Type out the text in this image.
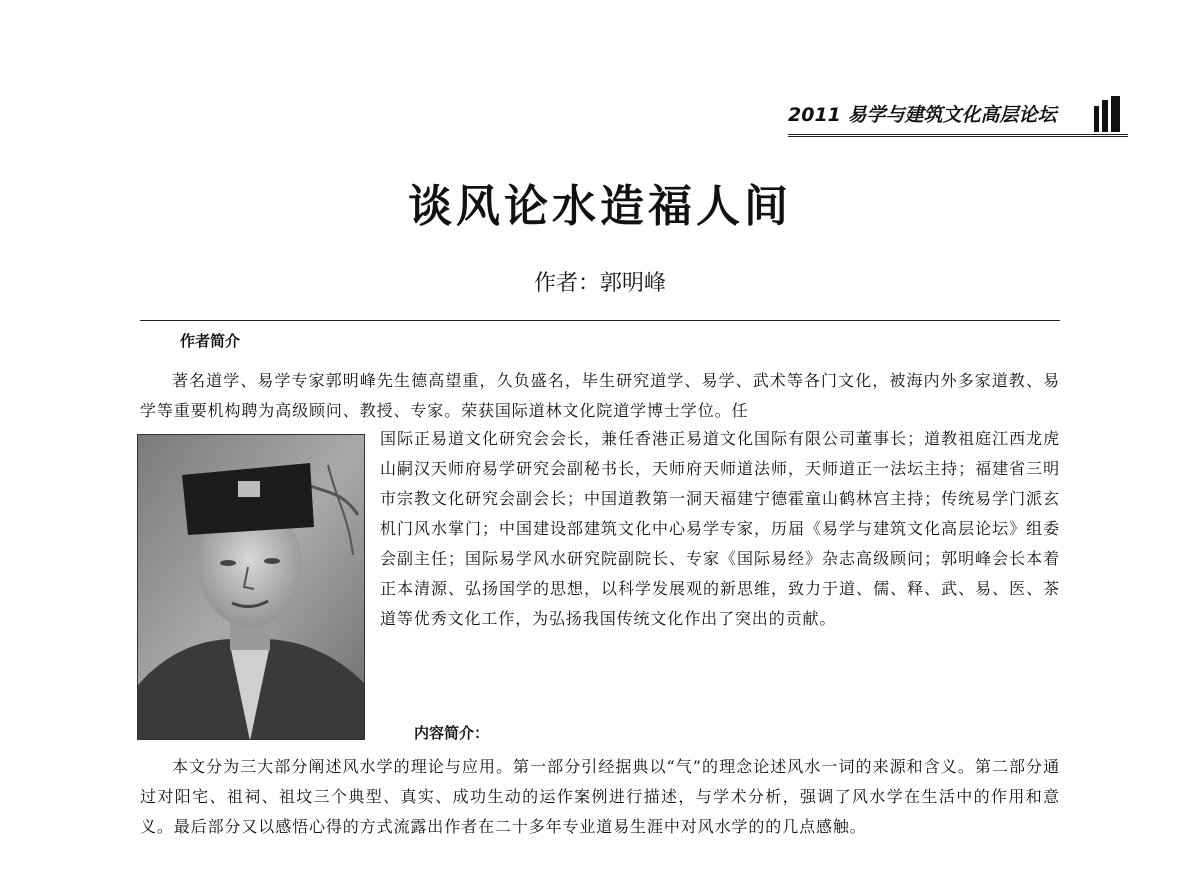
2011 易学与建筑文化高层论坛
谈风论水造福人间
作者：郭明峰
作者简介

著名道学、易学专家郭明峰先生德高望重，久负盛名，毕生研究道学、易学、武术等各门文化，被海内外多家道教、易学等重要机构聘为高级顾问、教授、专家。荣获国际道林文化院道学博士学位。任

国际正易道文化研究会会长，兼任香港正易道文化国际有限公司董事长；道教祖庭江西龙虎山嗣汉天师府易学研究会副秘书长，天师府天师道法师，天师道正一法坛主持；福建省三明市宗教文化研究会副会长；中国道教第一洞天福建宁德霍童山鹤林宫主持；传统易学门派玄机门风水掌门；中国建设部建筑文化中心易学专家，历届《易学与建筑文化高层论坛》组委会副主任；国际易学风水研究院副院长、专家《国际易经》杂志高级顾问；郭明峰会长本着正本清源、弘扬国学的思想，以科学发展观的新思维，致力于道、儒、释、武、易、医、茶道等优秀文化工作，为弘扬我国传统文化作出了突出的贡献。

内容简介：

本文分为三大部分阐述风水学的理论与应用。第一部分引经据典以“气”的理念论述风水一词的来源和含义。第二部分通过对阳宅、祖祠、祖坟三个典型、真实、成功生动的运作案例进行描述，与学术分析，强调了风水学在生活中的作用和意义。最后部分又以感悟心得的方式流露出作者在二十多年专业道易生涯中对风水学的的几点感触。
